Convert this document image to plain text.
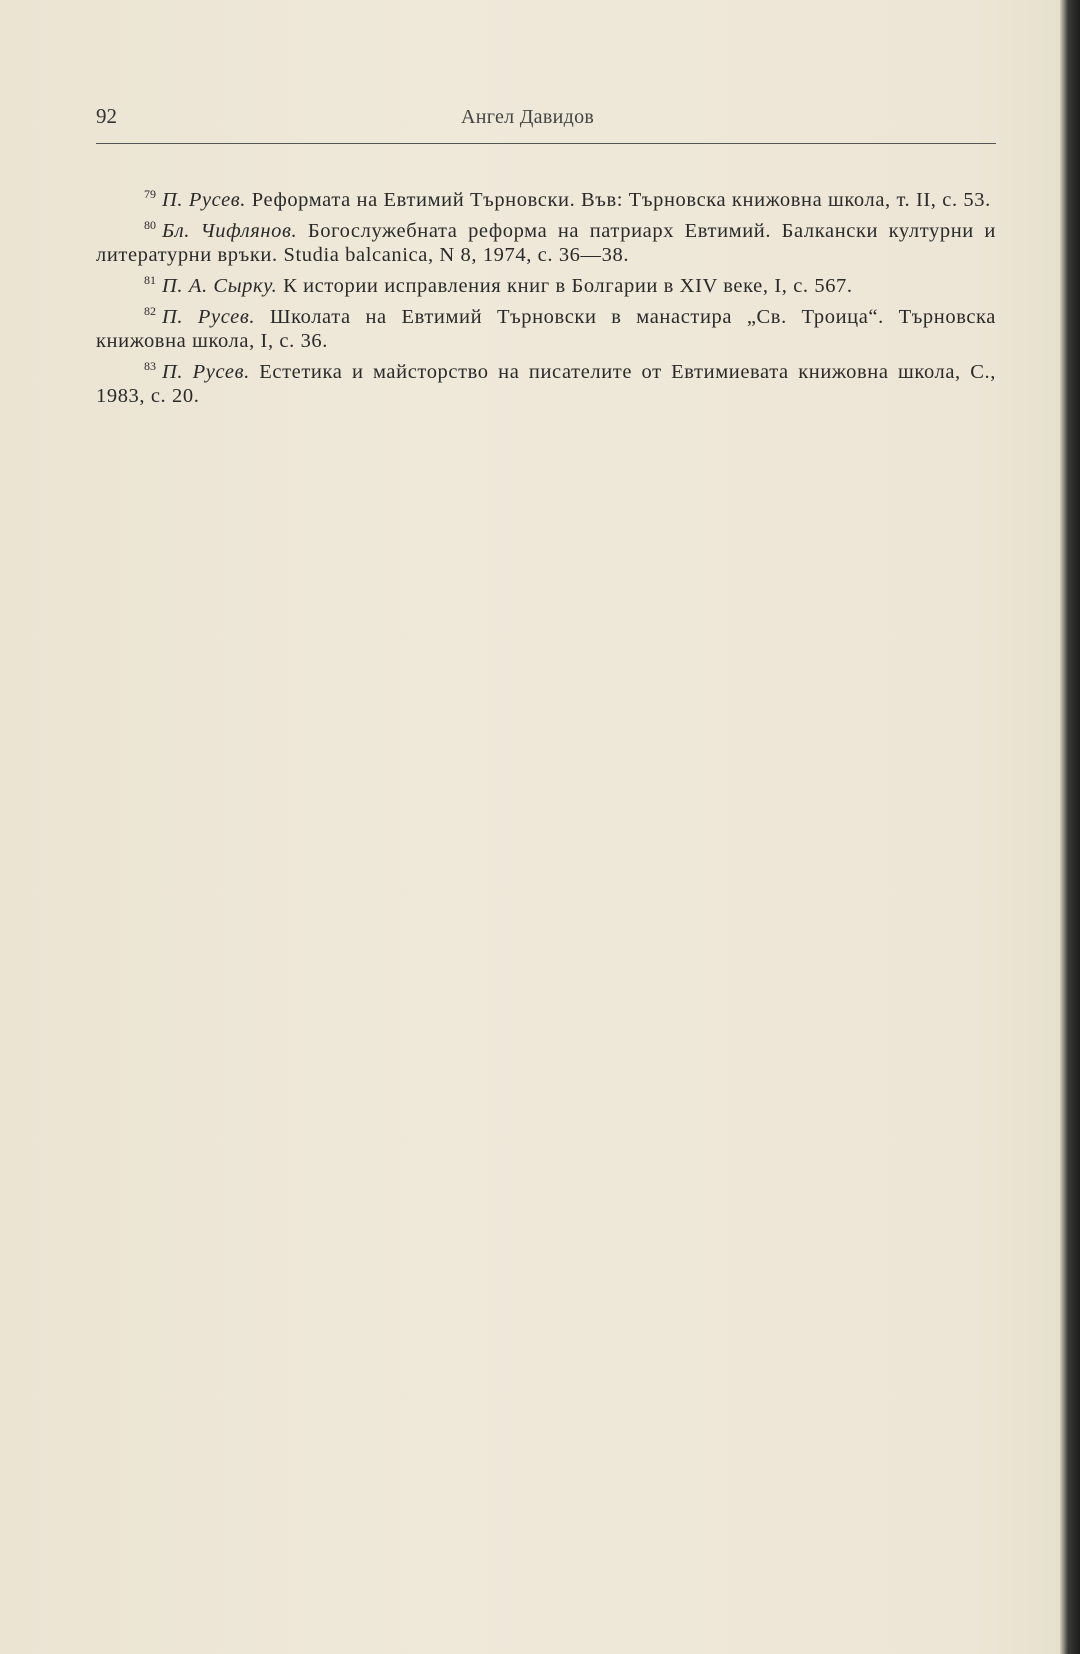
92	Ангел Давидов

$^{79}$ П. Русев. Реформата на Евтимий Търновски. Във: Търновска книжовна школа, т. II, с. 53.

$^{80}$ Бл. Чифлянов. Богослужебната реформа на патриарх Евтимий. Балкански културни и литературни връки. Studia balcanica, N 8, 1974, с. 36—38.

$^{81}$ П. А. Сырку. К истории исправления книг в Болгарии в XIV веке, I, с. 567.

$^{82}$ П. Русев. Школата на Евтимий Търновски в манастира „Св. Троица“. Търновска книжовна школа, I, с. 36.

$^{83}$ П. Русев. Естетика и майсторство на писателите от Евтимиевата книжовна школа, С., 1983, с. 20.
